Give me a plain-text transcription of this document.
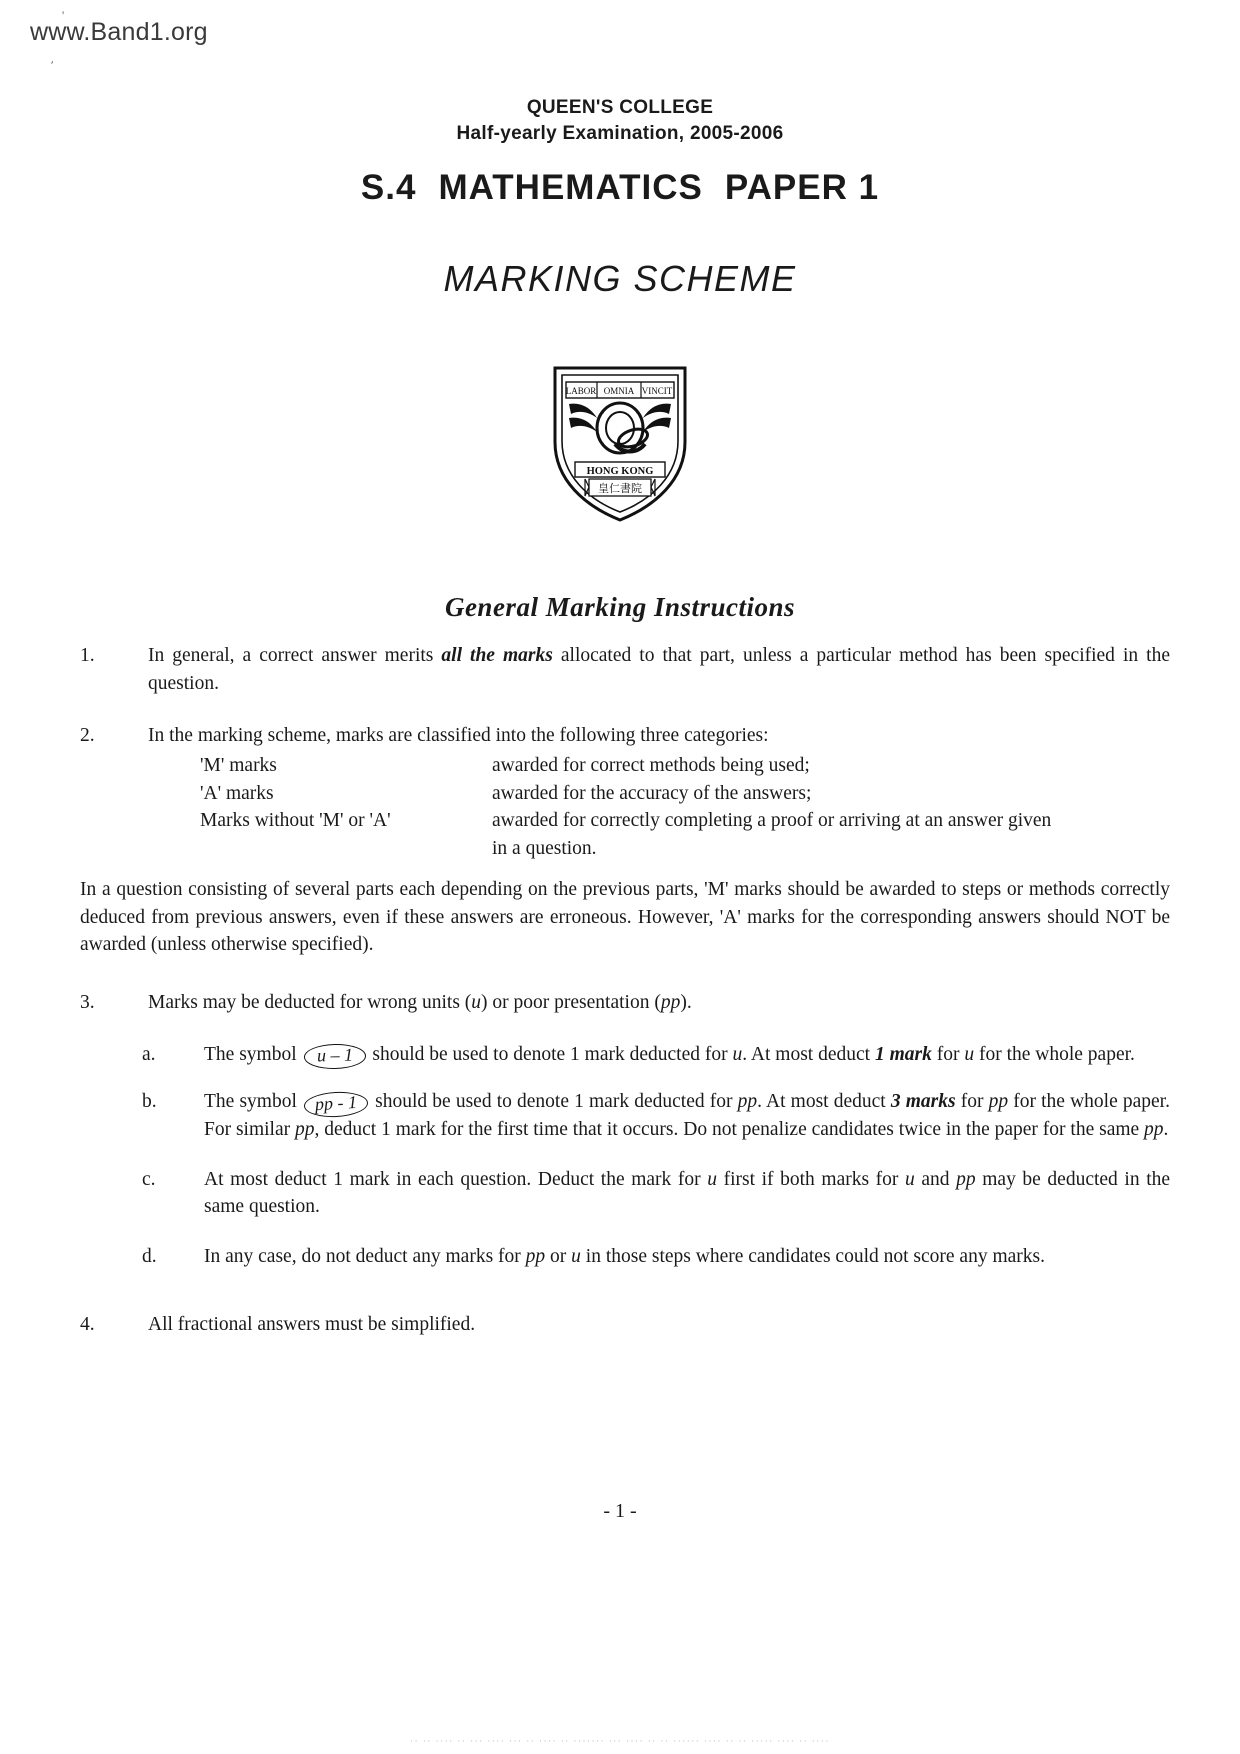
'
'
www.Band1.org
QUEEN'S COLLEGE
Half-yearly Examination, 2005-2006
S.4 MATHEMATICS PAPER 1
MARKING SCHEME
LABOR OMNIA VINCIT
HONG KONG
皇仁書院
General Marking Instructions
1.	In general, a correct answer merits all the marks allocated to that part, unless a particular method has been specified in the question.
2.	In the marking scheme, marks are classified into the following three categories:
'M' marks	awarded for correct methods being used;
'A' marks	awarded for the accuracy of the answers;
Marks without 'M' or 'A'	awarded for correctly completing a proof or arriving at an answer given
in a question.
In a question consisting of several parts each depending on the previous parts, 'M' marks should be awarded to steps or methods correctly deduced from previous answers, even if these answers are erroneous. However, 'A' marks for the corresponding answers should NOT be awarded (unless otherwise specified).
3.	Marks may be deducted for wrong units (u) or poor presentation (pp).
a.	The symbol u – 1 should be used to denote 1 mark deducted for u. At most deduct 1 mark for u for the whole paper.
b.	The symbol pp - 1 should be used to denote 1 mark deducted for pp. At most deduct 3 marks for pp for the whole paper. For similar pp, deduct 1 mark for the first time that it occurs. Do not penalize candidates twice in the paper for the same pp.
c.	At most deduct 1 mark in each question. Deduct the mark for u first if both marks for u and pp may be deducted in the same question.
d.	In any case, do not deduct any marks for pp or u in those steps where candidates could not score any marks.
4.	All fractional answers must be simplified.
- 1 -
·· ·· ···· ·· ··· ···· ··· ·· ···· ·· ······· ··· ···· ·· ·· ······ ···· ·· ·· ····· ···· ·· ····
